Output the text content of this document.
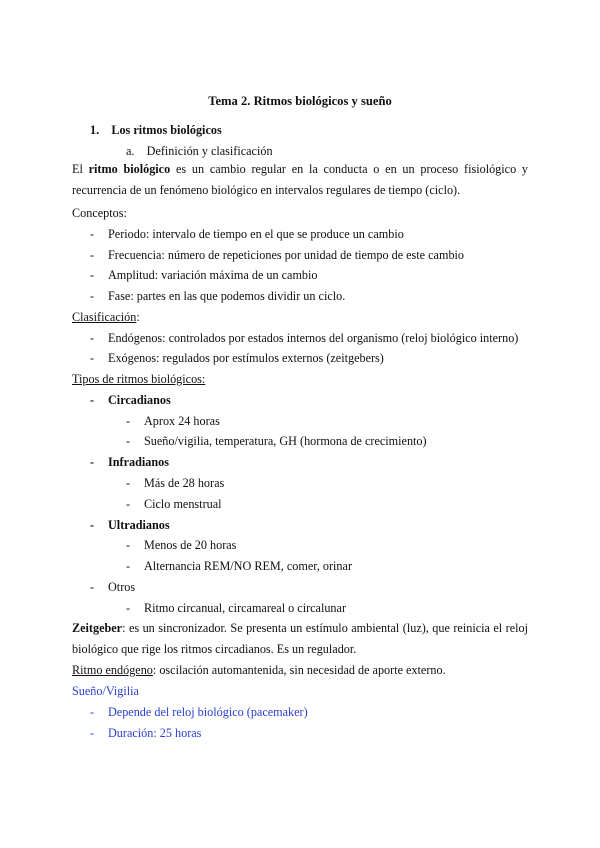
Tema 2. Ritmos biológicos y sueño
1. Los ritmos biológicos
a. Definición y clasificación
El ritmo biológico es un cambio regular en la conducta o en un proceso fisiológico y recurrencia de un fenómeno biológico en intervalos regulares de tiempo (ciclo).
Conceptos:
- Periodo: intervalo de tiempo en el que se produce un cambio
- Frecuencia: número de repeticiones por unidad de tiempo de este cambio
- Amplitud: variación máxima de un cambio
- Fase: partes en las que podemos dividir un ciclo.
Clasificación:
- Endógenos: controlados por estados internos del organismo (reloj biológico interno)
- Exógenos: regulados por estímulos externos (zeitgebers)
Tipos de ritmos biológicos:
- Circadianos
- Aprox 24 horas
- Sueño/vigilia, temperatura, GH (hormona de crecimiento)
- Infradianos
- Más de 28 horas
- Ciclo menstrual
- Ultradianos
- Menos de 20 horas
- Alternancia REM/NO REM, comer, orinar
- Otros
- Ritmo circanual, circamareal o circalunar
Zeitgeber: es un sincronizador. Se presenta un estímulo ambiental (luz), que reinicia el reloj biológico que rige los ritmos circadianos. Es un regulador.
Ritmo endógeno: oscilación automantenida, sin necesidad de aporte externo.
Sueño/Vigilia
- Depende del reloj biológico (pacemaker)
- Duración: 25 horas
